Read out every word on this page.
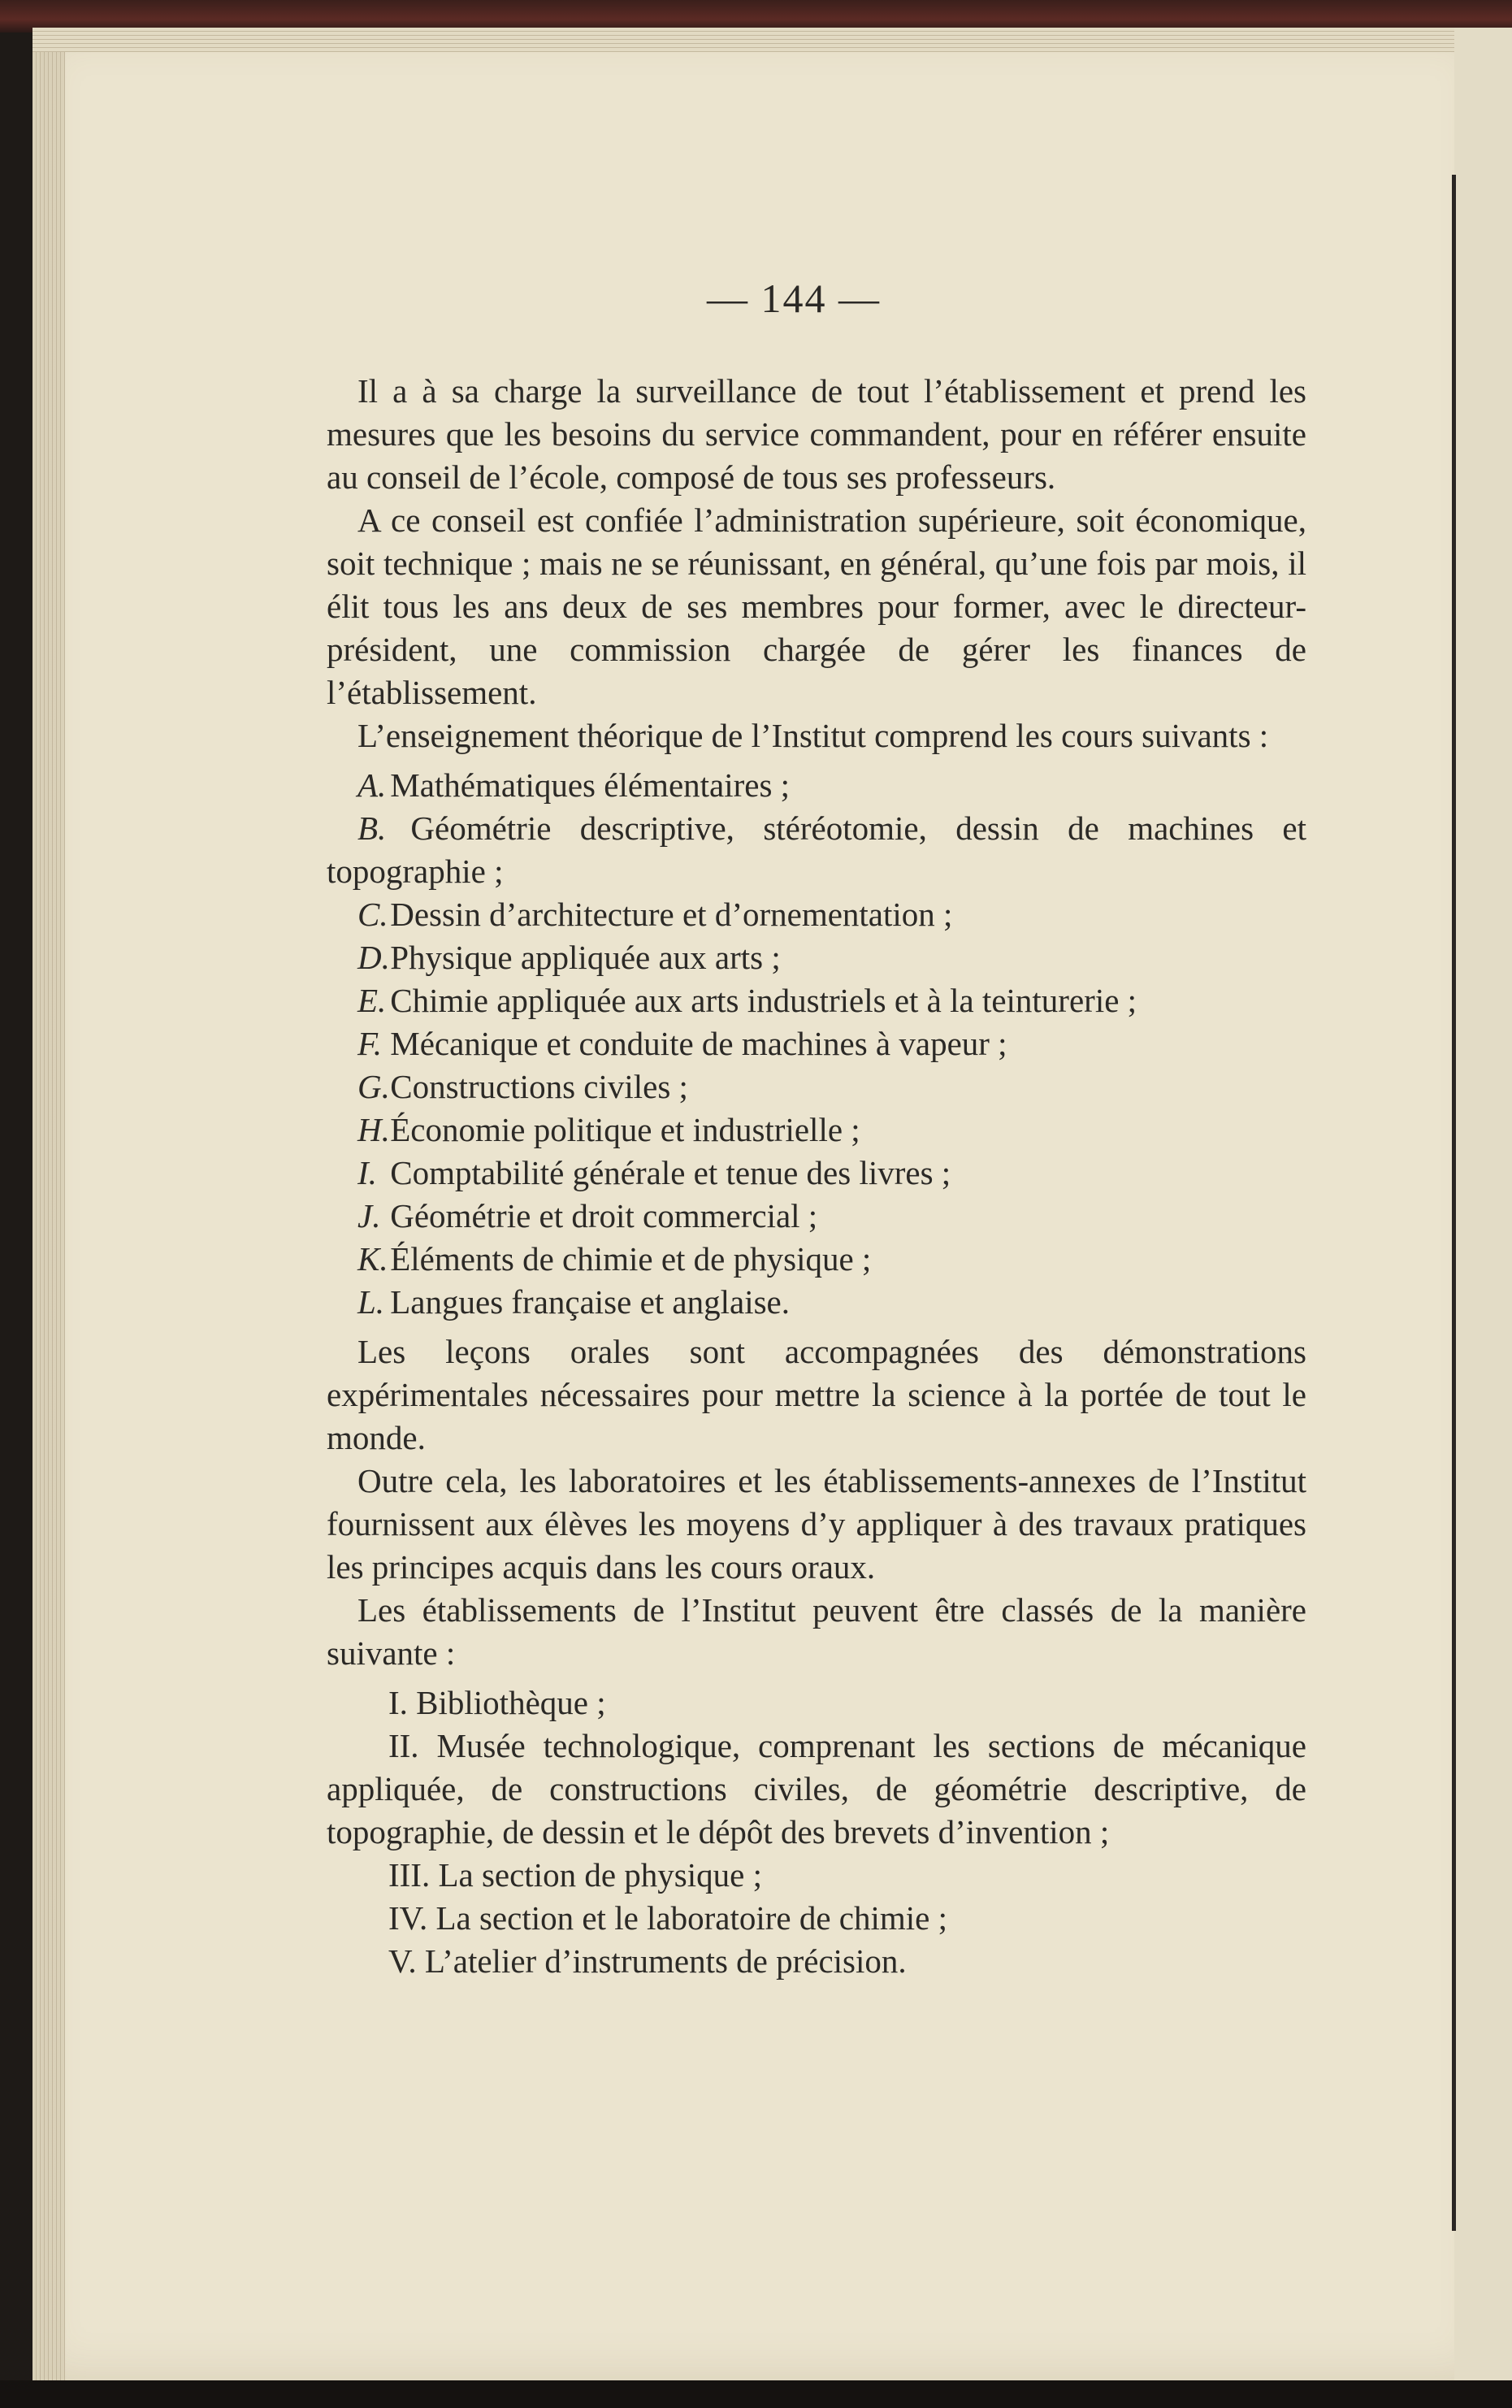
— 144 —

Il a à sa charge la surveillance de tout l’établissement et prend les mesures que les besoins du service commandent, pour en référer ensuite au conseil de l’école, composé de tous ses professeurs.

A ce conseil est confiée l’administration supérieure, soit économique, soit technique ; mais ne se réunissant, en général, qu’une fois par mois, il élit tous les ans deux de ses membres pour former, avec le directeur-président, une commission chargée de gérer les finances de l’établissement.

L’enseignement théorique de l’Institut comprend les cours suivants :

A. Mathématiques élémentaires ;

B. Géométrie descriptive, stéréotomie, dessin de machines et topographie ;

C. Dessin d’architecture et d’ornementation ;

D. Physique appliquée aux arts ;

E. Chimie appliquée aux arts industriels et à la teinturerie ;

F. Mécanique et conduite de machines à vapeur ;

G. Constructions civiles ;

H. Économie politique et industrielle ;

I. Comptabilité générale et tenue des livres ;

J. Géométrie et droit commercial ;

K. Éléments de chimie et de physique ;

L. Langues française et anglaise.

Les leçons orales sont accompagnées des démonstrations expérimentales nécessaires pour mettre la science à la portée de tout le monde.

Outre cela, les laboratoires et les établissements-annexes de l’Institut fournissent aux élèves les moyens d’y appliquer à des travaux pratiques les principes acquis dans les cours oraux.

Les établissements de l’Institut peuvent être classés de la manière suivante :

I. Bibliothèque ;

II. Musée technologique, comprenant les sections de mécanique appliquée, de constructions civiles, de géométrie descriptive, de topographie, de dessin et le dépôt des brevets d’invention ;

III. La section de physique ;

IV. La section et le laboratoire de chimie ;

V. L’atelier d’instruments de précision.
